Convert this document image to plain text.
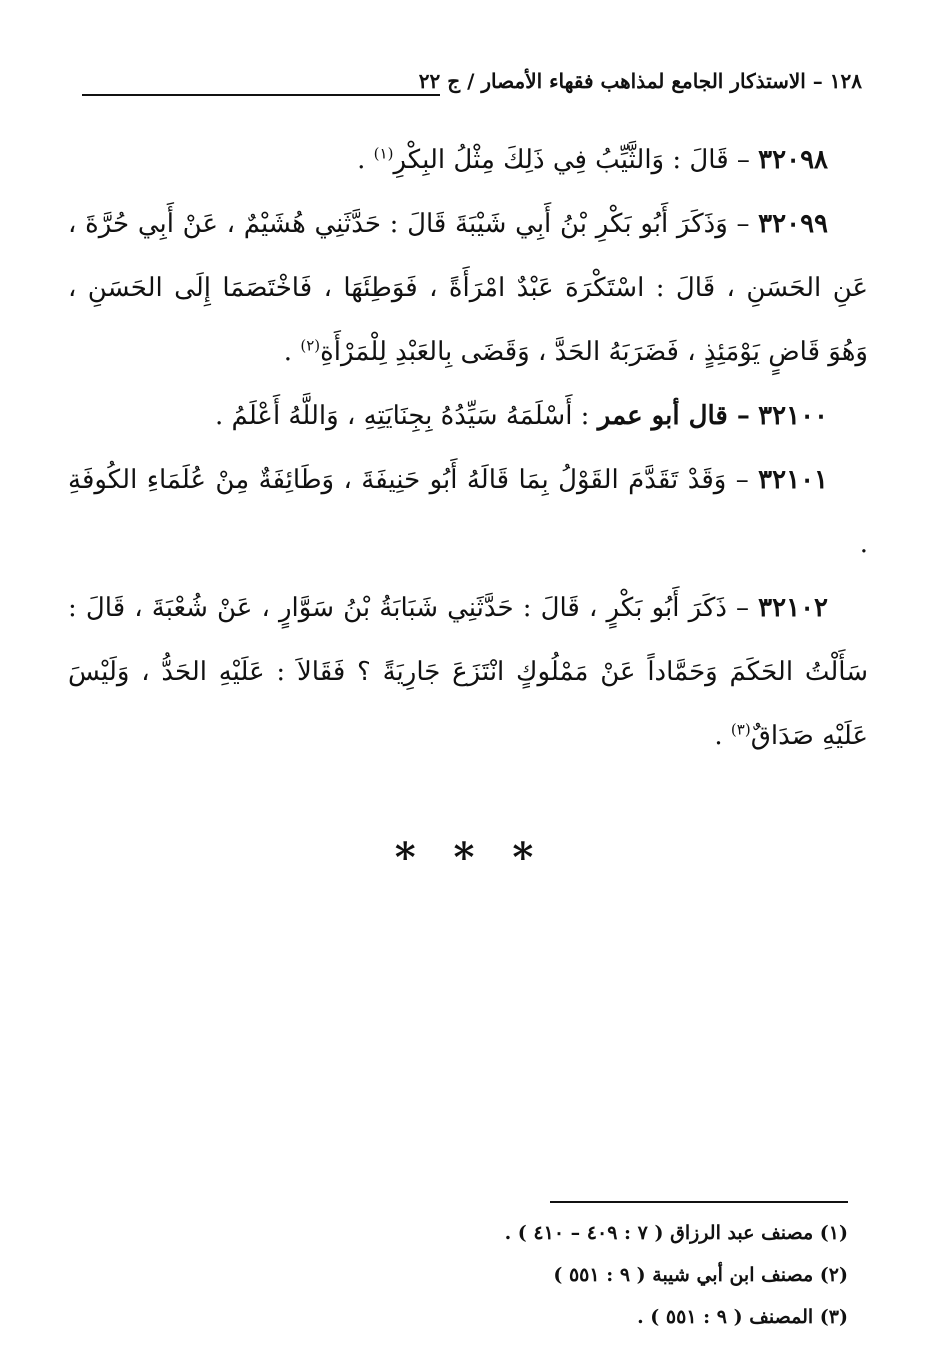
١٢٨ – الاستذكار الجامع لمذاهب فقهاء الأمصار / ج ٢٢

٣٢٠٩٨ – قَالَ : وَالثَّيِّبُ فِي ذَلِكَ مِثْلُ البِكْرِ$^{(١)}$ .

٣٢٠٩٩ – وَذَكَرَ أَبُو بَكْرِ بْنُ أَبِي شَيْبَةَ قَالَ : حَدَّثَنِي هُشَيْمٌ ، عَنْ أَبِي حُرَّةَ ، عَنِ الحَسَنِ ، قَالَ : اسْتَكْرَهَ عَبْدٌ امْرَأَةً ، فَوَطِئَهَا ، فَاخْتَصَمَا إِلَى الحَسَنِ ، وَهُوَ قَاضٍ يَوْمَئِذٍ ، فَضَرَبَهُ الحَدَّ ، وَقَضَى بِالعَبْدِ لِلْمَرْأَةِ$^{(٢)}$ .

٣٢١٠٠ – قال أبو عمر : أَسْلَمَهُ سَيِّدُهُ بِجِنَايَتِهِ ، وَاللَّهُ أَعْلَمُ .

٣٢١٠١ – وَقَدْ تَقَدَّمَ القَوْلُ بِمَا قَالَهُ أَبُو حَنِيفَةَ ، وَطَائِفَةٌ مِنْ عُلَمَاءِ الكُوفَةِ .

٣٢١٠٢ – ذَكَرَ أَبُو بَكْرٍ ، قَالَ : حَدَّثَنِي شَبَابَةُ بْنُ سَوَّارٍ ، عَنْ شُعْبَةَ ، قَالَ : سَأَلْتُ الحَكَمَ وَحَمَّاداً عَنْ مَمْلُوكٍ انْتَزَعَ جَارِيَةً ؟ فَقَالاَ : عَلَيْهِ الحَدُّ ، وَلَيْسَ عَلَيْهِ صَدَاقٌ$^{(٣)}$ .

* * *

(١) مصنف عبد الرزاق ( ٧ : ٤٠٩ – ٤١٠ ) .

(٢) مصنف ابن أبي شيبة ( ٩ : ٥٥١ )

(٣) المصنف ( ٩ : ٥٥١ ) .
